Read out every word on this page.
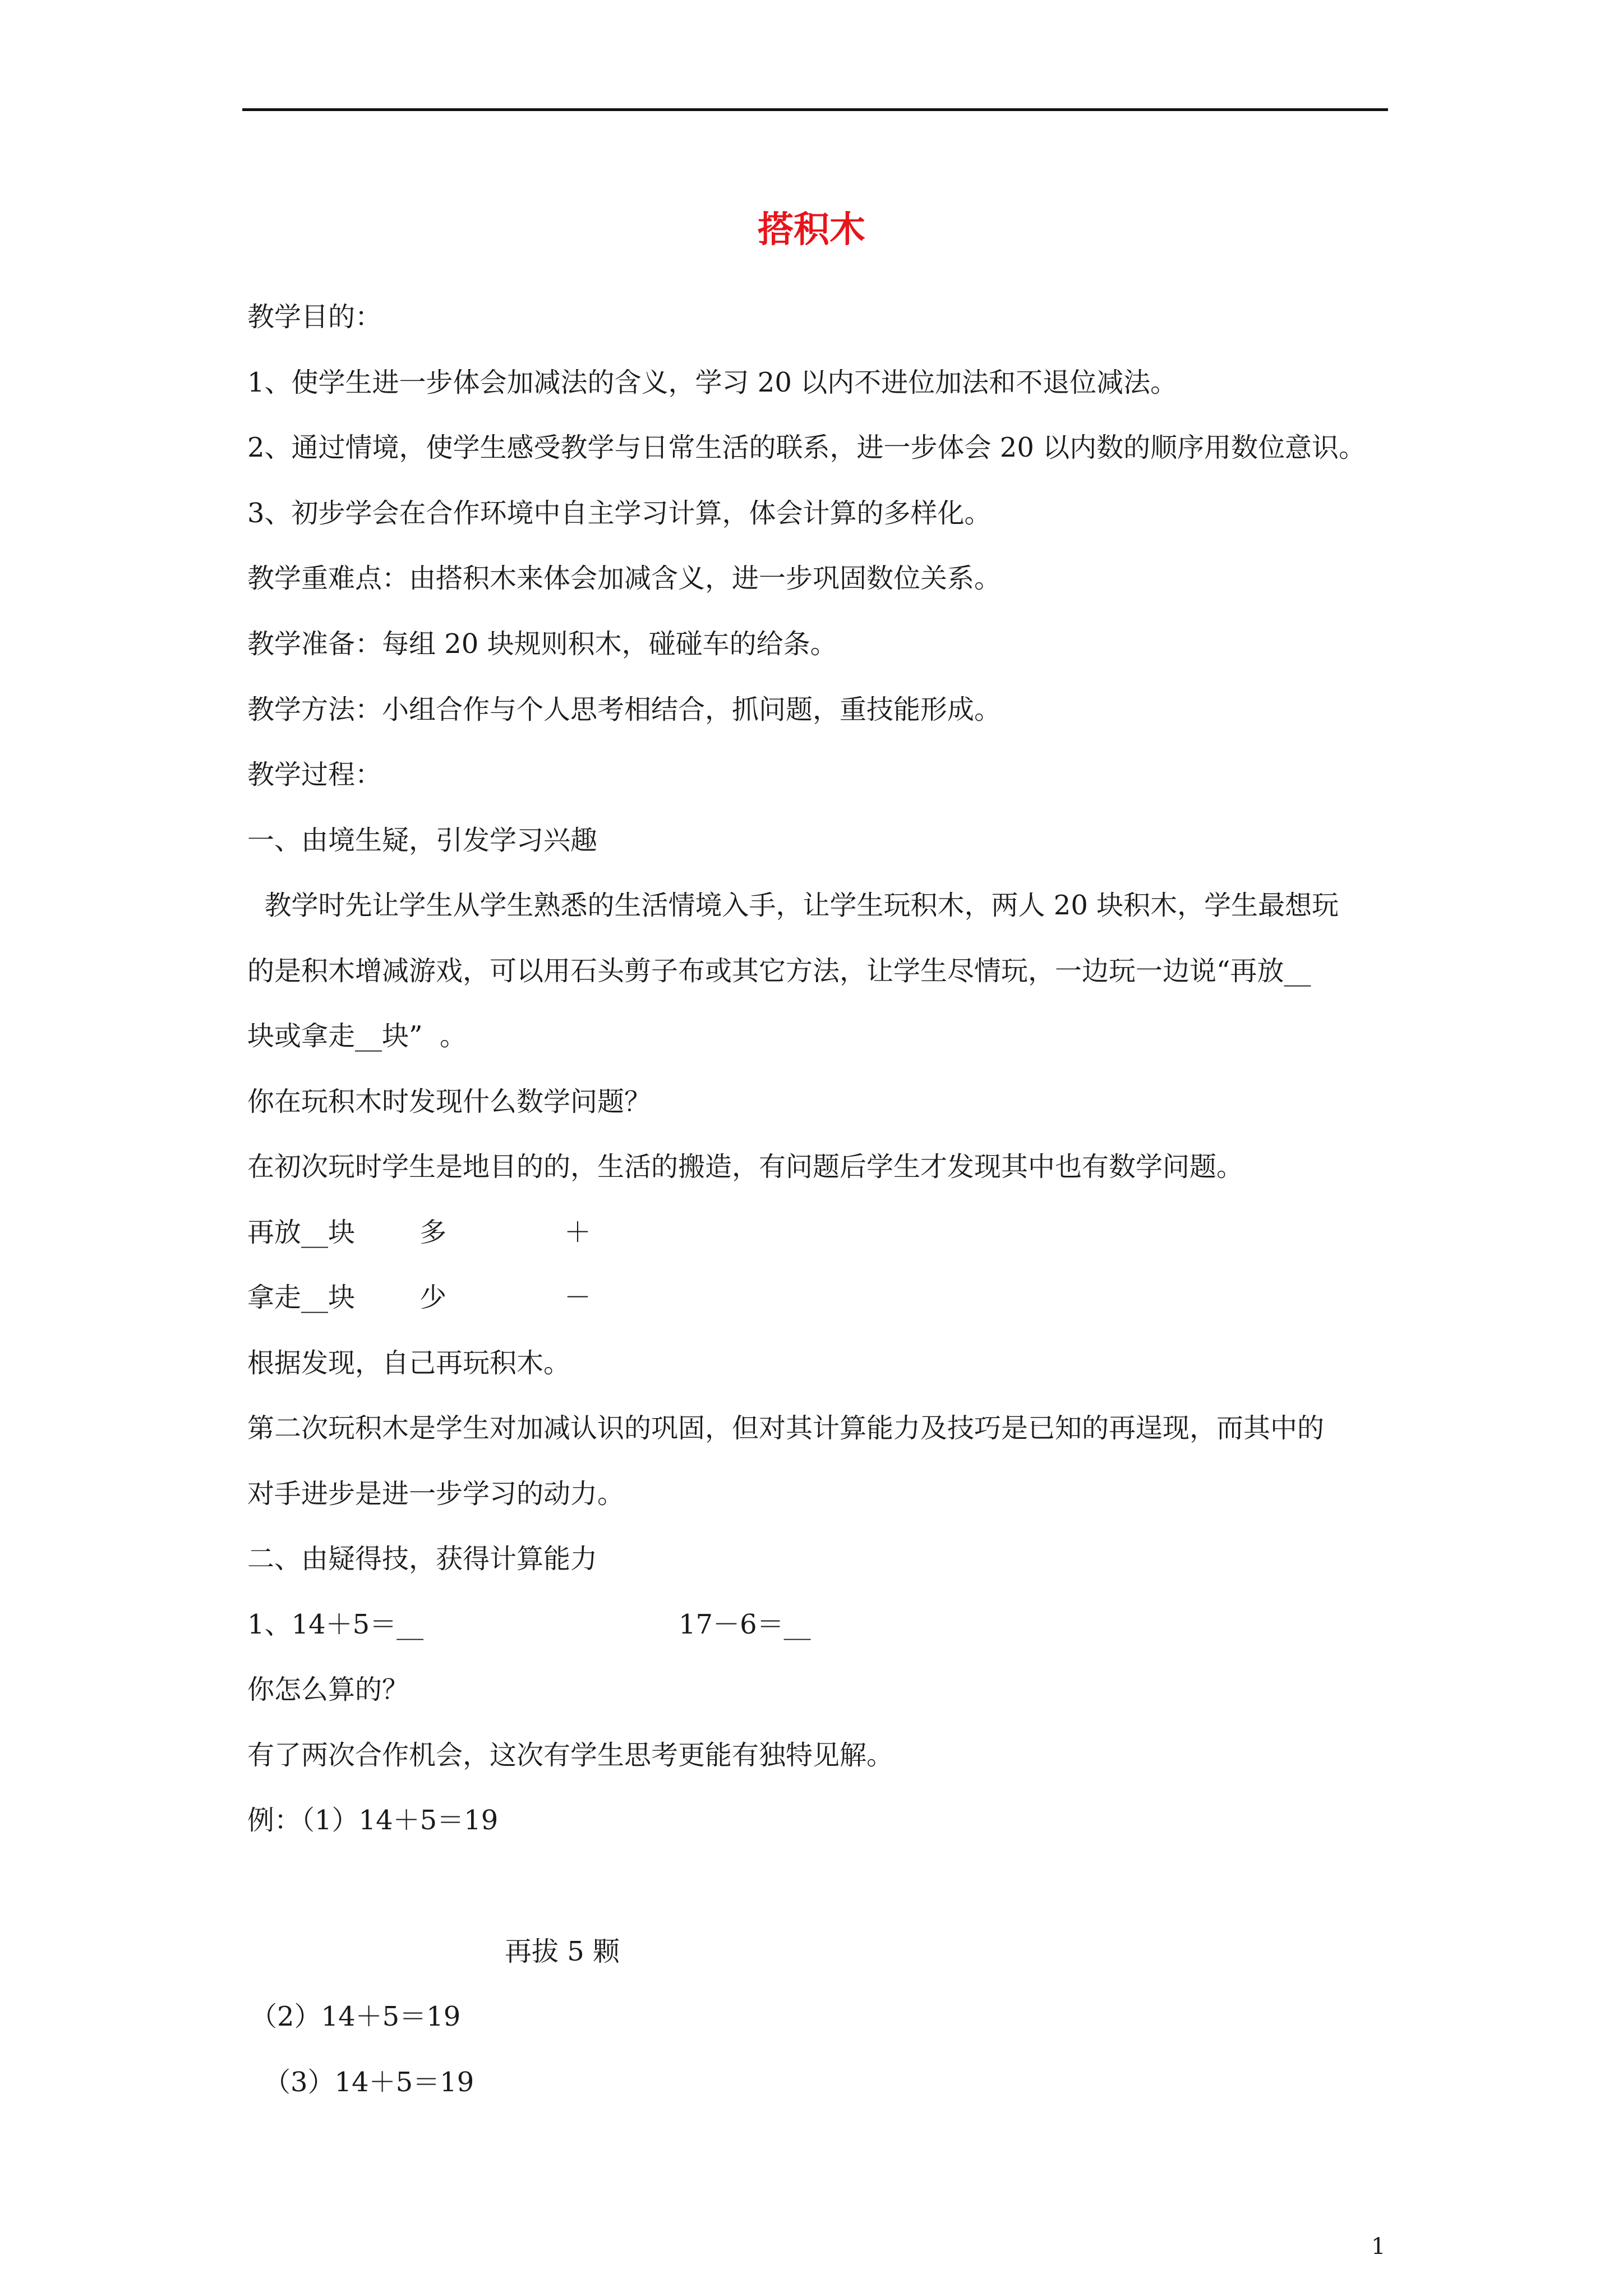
搭积木
教学目的：
1、使学生进一步体会加减法的含义，学习 20 以内不进位加法和不退位减法。
2、通过情境，使学生感受教学与日常生活的联系，进一步体会 20 以内数的顺序用数位意识。
3、初步学会在合作环境中自主学习计算，体会计算的多样化。
教学重难点：由搭积木来体会加减含义，进一步巩固数位关系。
教学准备：每组 20 块规则积木，碰碰车的给条。
教学方法：小组合作与个人思考相结合，抓问题，重技能形成。
教学过程：
一、由境生疑，引发学习兴趣
教学时先让学生从学生熟悉的生活情境入手，让学生玩积木，两人 20 块积木，学生最想玩
的是积木增减游戏，可以用石头剪子布或其它方法，让学生尽情玩，一边玩一边说“再放__
块或拿走__块”  。
你在玩积木时发现什么数学问题？
在初次玩时学生是地目的的，生活的搬造，有问题后学生才发现其中也有数学问题。
再放__块 多	＋
拿走__块 少	－
根据发现，自己再玩积木。
第二次玩积木是学生对加减认识的巩固，但对其计算能力及技巧是已知的再逞现，而其中的
对手进步是进一步学习的动力。
二、由疑得技，获得计算能力
1、14＋5＝__	17－6＝__
你怎么算的？
有了两次合作机会，这次有学生思考更能有独特见解。
例：（1）14＋5＝19
再拔 5 颗
（2）14＋5＝19
（3）14＋5＝19
1
